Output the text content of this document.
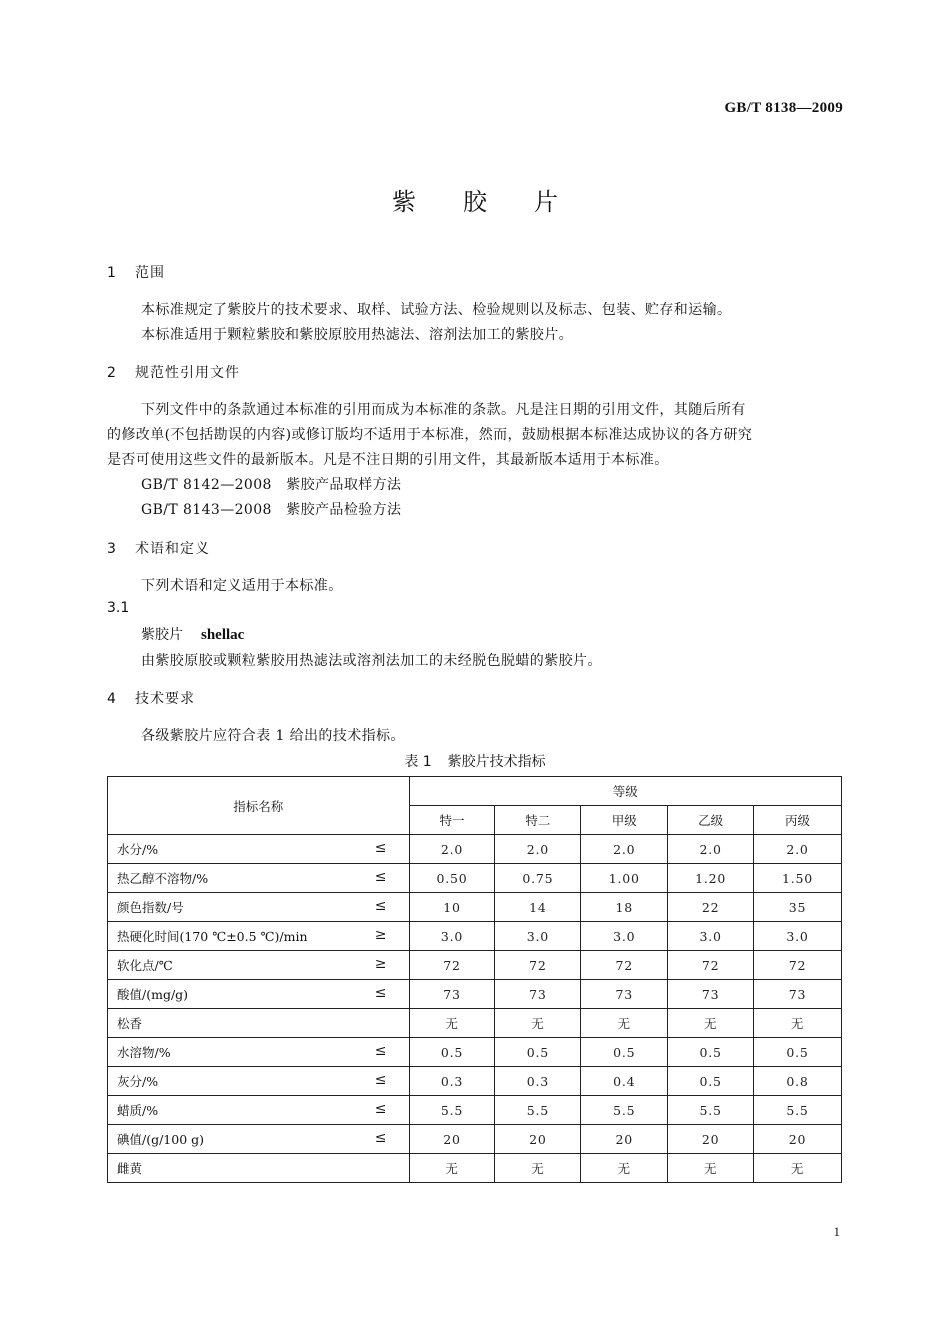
GB/T 8138—2009
紫胶片
1 范围
本标准规定了紫胶片的技术要求、取样、试验方法、检验规则以及标志、包装、贮存和运输。
本标准适用于颗粒紫胶和紫胶原胶用热滤法、溶剂法加工的紫胶片。
2 规范性引用文件
下列文件中的条款通过本标准的引用而成为本标准的条款。凡是注日期的引用文件，其随后所有
的修改单(不包括勘误的内容)或修订版均不适用于本标准，然而，鼓励根据本标准达成协议的各方研究
是否可使用这些文件的最新版本。凡是不注日期的引用文件，其最新版本适用于本标准。
GB/T 8142—2008　紫胶产品取样方法
GB/T 8143—2008　紫胶产品检验方法
3 术语和定义
下列术语和定义适用于本标准。
3.1
紫胶片 shellac
由紫胶原胶或颗粒紫胶用热滤法或溶剂法加工的未经脱色脱蜡的紫胶片。
4 技术要求
各级紫胶片应符合表 1 给出的技术指标。
表 1 紫胶片技术指标
指标名称	等级				
	特一	特二	甲级	乙级	丙级
水分/% ≤	2.0	2.0	2.0	2.0	2.0
热乙醇不溶物/% ≤	0.50	0.75	1.00	1.20	1.50
颜色指数/号 ≤	10	14	18	22	35
热硬化时间(170 ℃±0.5 ℃)/min ≥	3.0	3.0	3.0	3.0	3.0
软化点/℃ ≥	72	72	72	72	72
酸值/(mg/g) ≤	73	73	73	73	73
松香	无	无	无	无	无
水溶物/% ≤	0.5	0.5	0.5	0.5	0.5
灰分/% ≤	0.3	0.3	0.4	0.5	0.8
蜡质/% ≤	5.5	5.5	5.5	5.5	5.5
碘值/(g/100 g) ≤	20	20	20	20	20
雌黄	无	无	无	无	无
1
